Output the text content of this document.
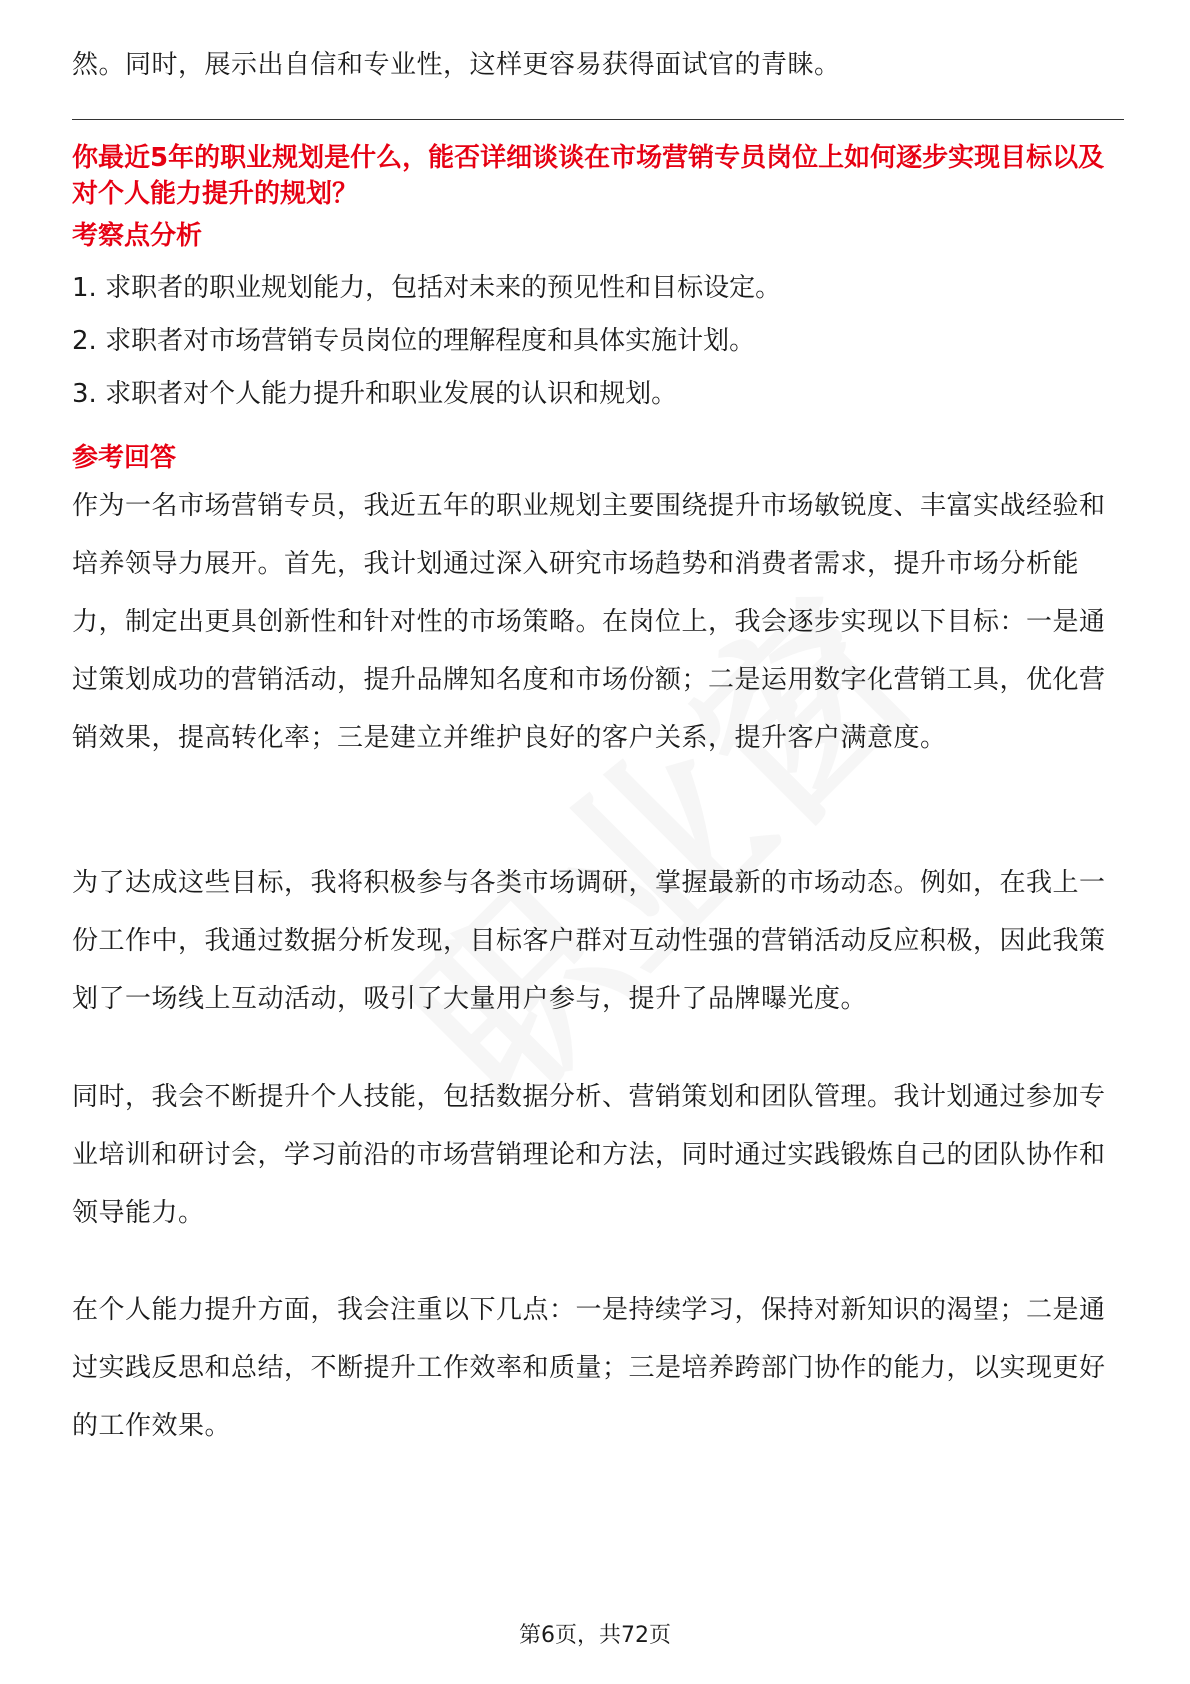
然。同时，展示出自信和专业性，这样更容易获得面试官的青睐。

你最近5年的职业规划是什么，能否详细谈谈在市场营销专员岗位上如何逐步实现目标以及对个人能力提升的规划？

考察点分析

1. 求职者的职业规划能力，包括对未来的预见性和目标设定。

2. 求职者对市场营销专员岗位的理解程度和具体实施计划。

3. 求职者对个人能力提升和职业发展的认识和规划。

参考回答

作为一名市场营销专员，我近五年的职业规划主要围绕提升市场敏锐度、丰富实战经验和培养领导力展开。首先，我计划通过深入研究市场趋势和消费者需求，提升市场分析能力，制定出更具创新性和针对性的市场策略。在岗位上，我会逐步实现以下目标：一是通过策划成功的营销活动，提升品牌知名度和市场份额；二是运用数字化营销工具，优化营销效果，提高转化率；三是建立并维护良好的客户关系，提升客户满意度。

为了达成这些目标，我将积极参与各类市场调研，掌握最新的市场动态。例如，在我上一份工作中，我通过数据分析发现，目标客户群对互动性强的营销活动反应积极，因此我策划了一场线上互动活动，吸引了大量用户参与，提升了品牌曝光度。

同时，我会不断提升个人技能，包括数据分析、营销策划和团队管理。我计划通过参加专业培训和研讨会，学习前沿的市场营销理论和方法，同时通过实践锻炼自己的团队协作和领导能力。

在个人能力提升方面，我会注重以下几点：一是持续学习，保持对新知识的渴望；二是通过实践反思和总结，不断提升工作效率和质量；三是培养跨部门协作的能力，以实现更好的工作效果。

第6页，共72页
